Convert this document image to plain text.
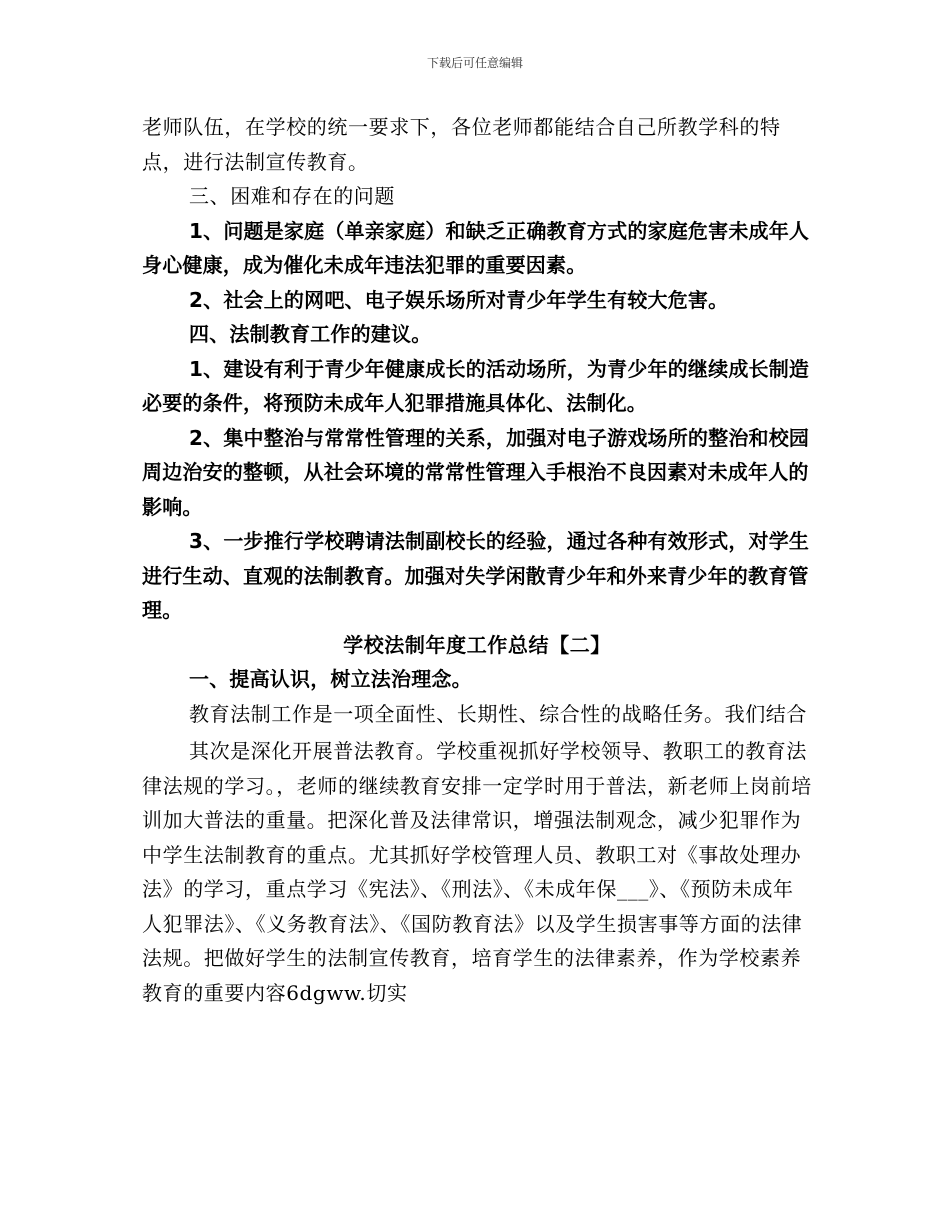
下载后可任意编辑

老师队伍，在学校的统一要求下，各位老师都能结合自己所教学科的特点，进行法制宣传教育。

三、困难和存在的问题

1、问题是家庭（单亲家庭）和缺乏正确教育方式的家庭危害未成年人身心健康，成为催化未成年违法犯罪的重要因素。

2、社会上的网吧、电子娱乐场所对青少年学生有较大危害。

四、法制教育工作的建议。

1、建设有利于青少年健康成长的活动场所，为青少年的继续成长制造必要的条件，将预防未成年人犯罪措施具体化、法制化。

2、集中整治与常常性管理的关系，加强对电子游戏场所的整治和校园周边治安的整顿，从社会环境的常常性管理入手根治不良因素对未成年人的影响。

3、一步推行学校聘请法制副校长的经验，通过各种有效形式，对学生进行生动、直观的法制教育。加强对失学闲散青少年和外来青少年的教育管理。

学校法制年度工作总结【二】

一、提高认识，树立法治理念。

教育法制工作是一项全面性、长期性、综合性的战略任务。我们结合

其次是深化开展普法教育。学校重视抓好学校领导、教职工的教育法律法规的学习。，老师的继续教育安排一定学时用于普法，新老师上岗前培训加大普法的重量。把深化普及法律常识，增强法制观念，减少犯罪作为中学生法制教育的重点。尤其抓好学校管理人员、教职工对《事故处理办法》的学习，重点学习《宪法》、《刑法》、《未成年保___》、《预防未成年人犯罪法》、《义务教育法》、《国防教育法》以及学生损害事等方面的法律法规。把做好学生的法制宣传教育，培育学生的法律素养，作为学校素养教育的重要内容6dgww.切实
